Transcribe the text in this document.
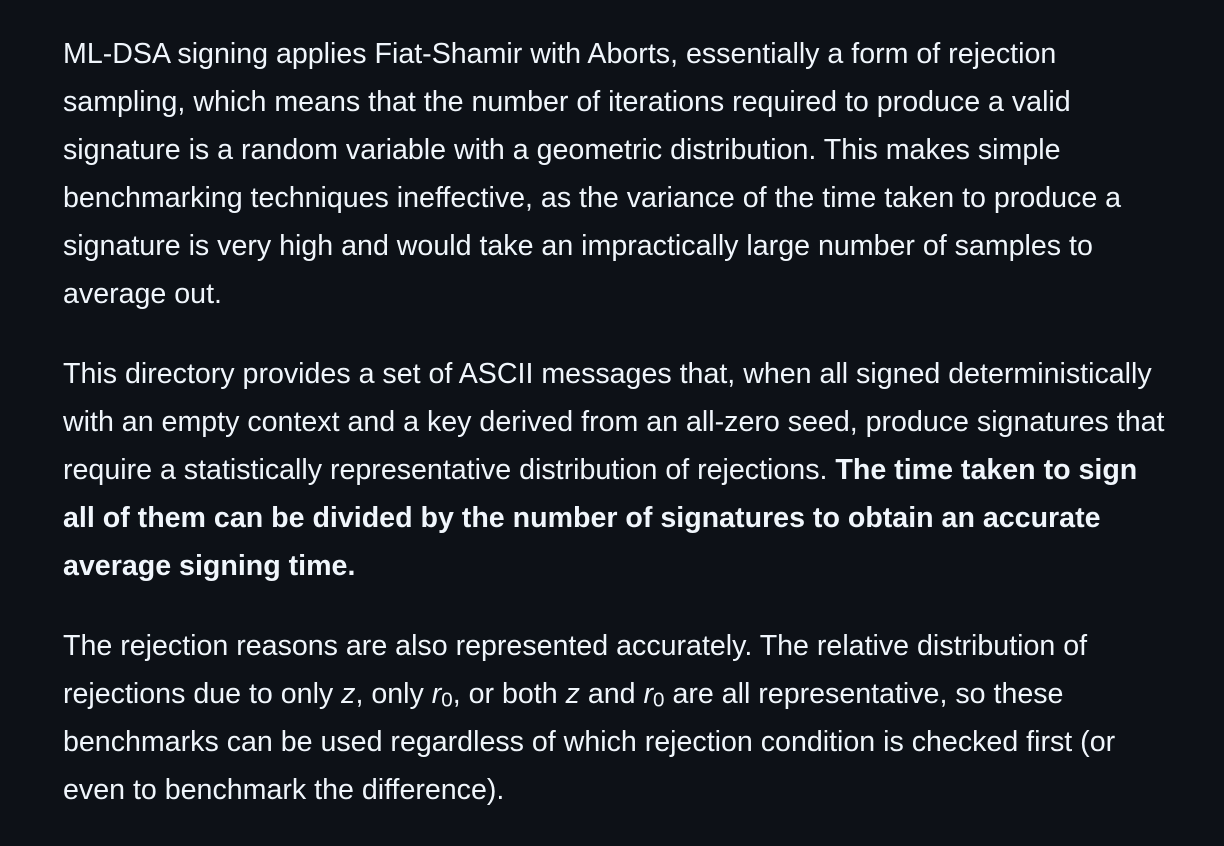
ML-DSA signing applies Fiat-Shamir with Aborts, essentially a form of rejection sampling, which means that the number of iterations required to produce a valid signature is a random variable with a geometric distribution. This makes simple benchmarking techniques ineffective, as the variance of the time taken to produce a signature is very high and would take an impractically large number of samples to average out.

This directory provides a set of ASCII messages that, when all signed deterministically with an empty context and a key derived from an all-zero seed, produce signatures that require a statistically representative distribution of rejections. The time taken to sign all of them can be divided by the number of signatures to obtain an accurate average signing time.

The rejection reasons are also represented accurately. The relative distribution of rejections due to only z, only $r_0$, or both z and $r_0$ are all representative, so these benchmarks can be used regardless of which rejection condition is checked first (or even to benchmark the difference).
